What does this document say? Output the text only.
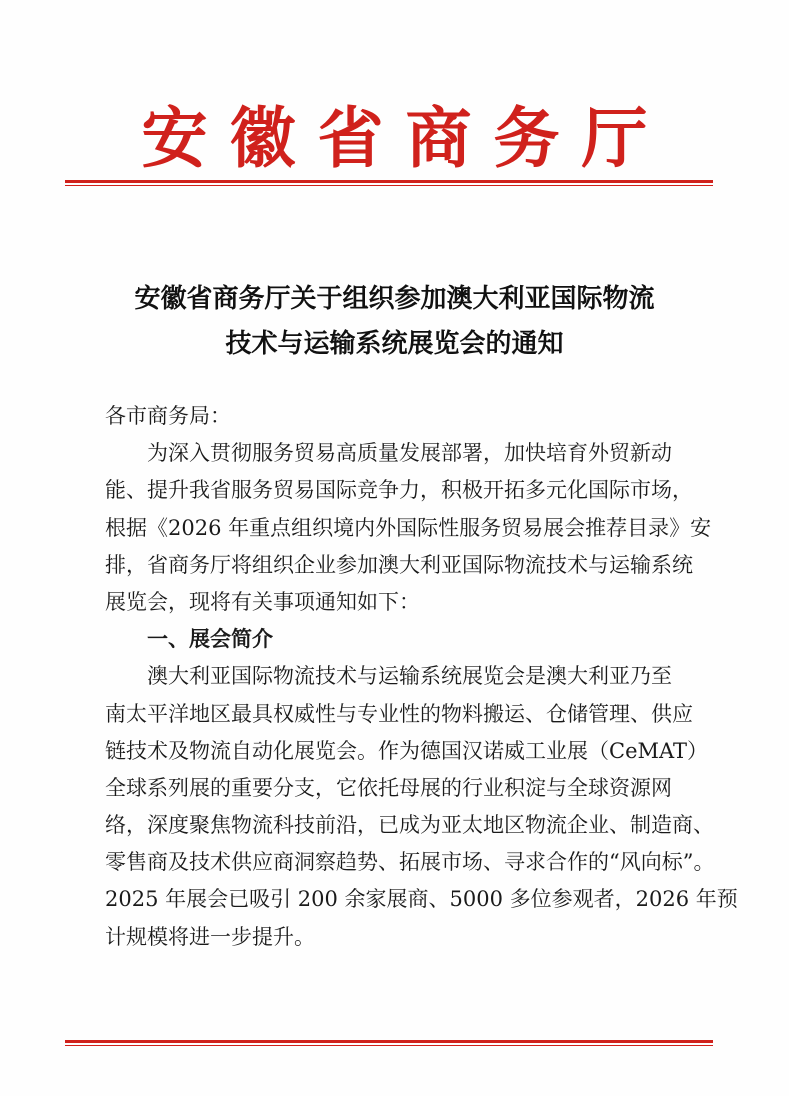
安徽省商务厅
安徽省商务厅关于组织参加澳大利亚国际物流
技术与运输系统展览会的通知
各市商务局：
为深入贯彻服务贸易高质量发展部署，加快培育外贸新动
能、提升我省服务贸易国际竞争力，积极开拓多元化国际市场，
根据《2026 年重点组织境内外国际性服务贸易展会推荐目录》安
排，省商务厅将组织企业参加澳大利亚国际物流技术与运输系统
展览会，现将有关事项通知如下：
一、展会简介
澳大利亚国际物流技术与运输系统展览会是澳大利亚乃至
南太平洋地区最具权威性与专业性的物料搬运、仓储管理、供应
链技术及物流自动化展览会。作为德国汉诺威工业展（CeMAT）
全球系列展的重要分支，它依托母展的行业积淀与全球资源网
络，深度聚焦物流科技前沿，已成为亚太地区物流企业、制造商、
零售商及技术供应商洞察趋势、拓展市场、寻求合作的“风向标”。
2025 年展会已吸引 200 余家展商、5000 多位参观者，2026 年预
计规模将进一步提升。
